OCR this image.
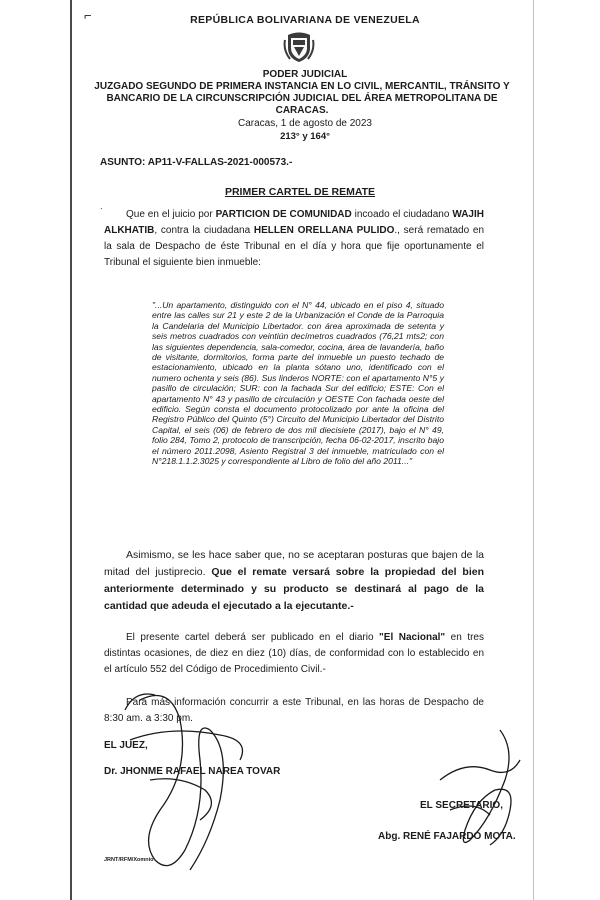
⌐	REPÚBLICA BOLIVARIANA DE VENEZUELA
PODER JUDICIAL
JUZGADO SEGUNDO DE PRIMERA INSTANCIA EN LO CIVIL, MERCANTIL, TRÁNSITO Y BANCARIO DE LA CIRCUNSCRIPCIÓN JUDICIAL DEL ÁREA METROPOLITANA DE CARACAS.
Caracas, 1 de agosto de 2023
213° y 164°
ASUNTO: AP11-V-FALLAS-2021-000573.-
PRIMER CARTEL DE REMATE
˙	Que en el juicio por PARTICION DE COMUNIDAD incoado el ciudadano WAJIH ALKHATIB, contra la ciudadana HELLEN ORELLANA PULIDO., será rematado en la sala de Despacho de éste Tribunal en el día y hora que fije oportunamente el Tribunal el siguiente bien inmueble:
"...Un apartamento, distinguido con el N° 44, ubicado en el piso 4, situado entre las calles sur 21 y este 2 de la Urbanización el Conde de la Parroquia la Candelaria del Municipio Libertador. con área aproximada de setenta y seis metros cuadrados con veintiún decímetros cuadrados (76,21 mts2; con las siguientes dependencia, sala-comedor, cocina, área de lavandería, baño de visitante, dormitorios, forma parte del inmueble un puesto techado de estacionamiento, ubicado en la planta sótano uno, identificado con el numero ochenta y seis (86). Sus linderos NORTE: con el apartamento N°5 y pasillo de circulación; SUR: con la fachada Sur del edificio; ESTE: Con el apartamento N° 43 y pasillo de circulación y OESTE Con fachada oeste del edificio. Según consta el documento protocolizado por ante la oficina del Registro Público del Quinto (5°) Circuito del Municipio Libertador del Distrito Capital, el seis (06) de febrero de dos mil diecisiete (2017), bajo el N° 49, folio 284, Tomo 2, protocolo de transcripción, fecha 06-02-2017, inscrito bajo el número 2011.2098, Asiento Registral 3 del inmueble, matriculado con el N°218.1.1.2.3025 y correspondiente al Libro de folio del año 2011..."
Asimismo, se les hace saber que, no se aceptaran posturas que bajen de la mitad del justiprecio. Que el remate versará sobre la propiedad del bien anteriormente determinado y su producto se destinará al pago de la cantidad que adeuda el ejecutado a la ejecutante.-
El presente cartel deberá ser publicado en el diario "El Nacional" en tres distintas ocasiones, de diez en diez (10) días, de conformidad con lo establecido en el artículo 552 del Código de Procedimiento Civil.-
Para más información concurrir a este Tribunal, en las horas de Despacho de 8:30 am. a 3:30 pm.
EL JUEZ,
Dr. JHONME RAFAEL NAREA TOVAR
EL SECRETARIO,
Abg. RENÉ FAJARDO MOTA.
JRNT/RFM/Xomnio
